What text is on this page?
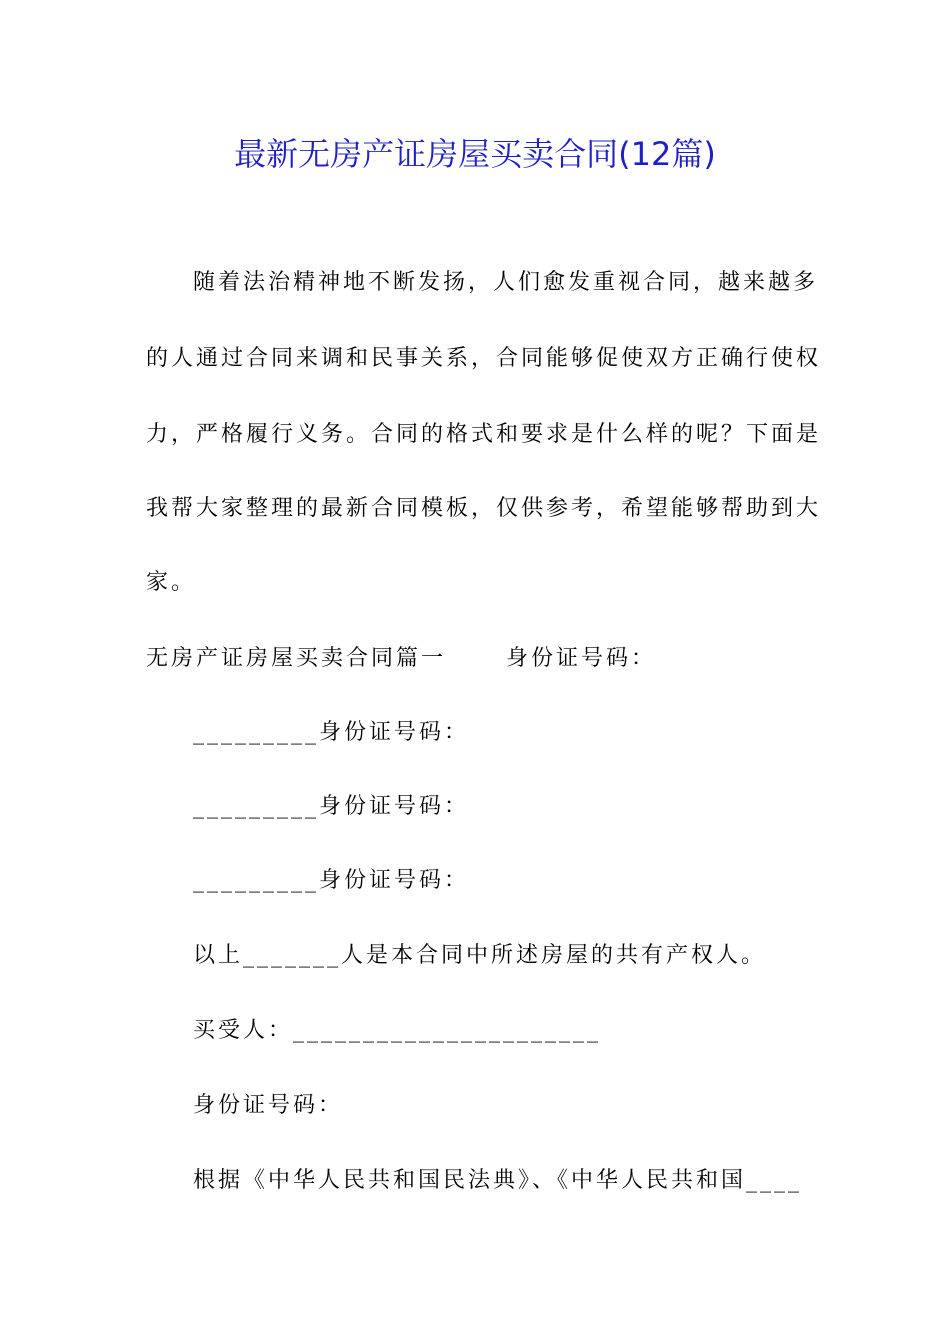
最新无房产证房屋买卖合同(12篇)
随着法治精神地不断发扬，人们愈发重视合同，越来越多
的人通过合同来调和民事关系，合同能够促使双方正确行使权
力，严格履行义务。合同的格式和要求是什么样的呢？下面是
我帮大家整理的最新合同模板，仅供参考，希望能够帮助到大
家。
无房产证房屋买卖合同篇一　　 身份证号码：
_________身份证号码：
_________身份证号码：
_________身份证号码：
以上_______人是本合同中所述房屋的共有产权人。
买受人：______________________
身份证号码：
根据《中华人民共和国民法典》、《中华人民共和国____
